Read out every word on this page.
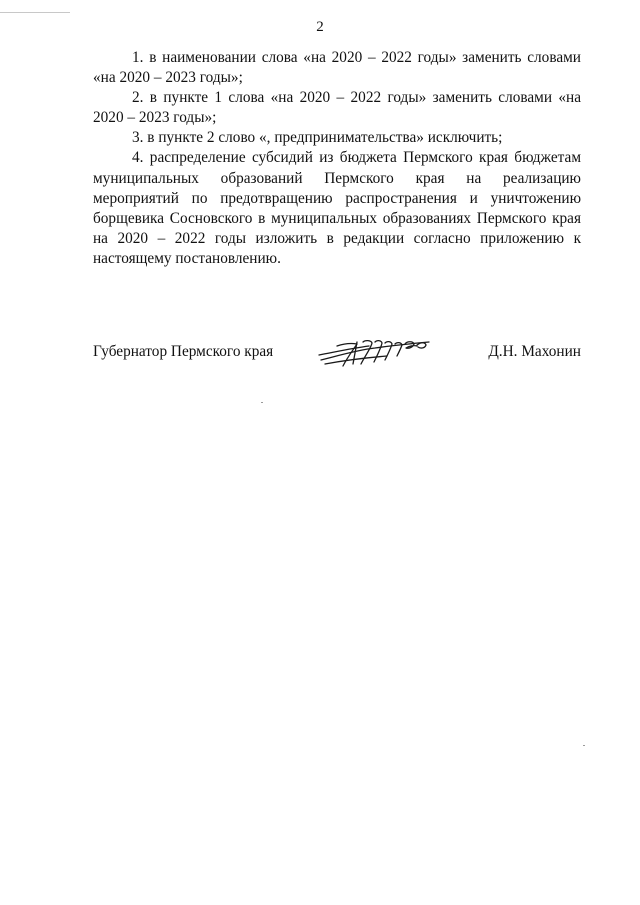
2

1. в наименовании слова «на 2020 – 2022 годы» заменить словами «на 2020 – 2023 годы»;

2. в пункте 1 слова «на 2020 – 2022 годы» заменить словами «на 2020 – 2023 годы»;

3. в пункте 2 слово «, предпринимательства» исключить;

4. распределение субсидий из бюджета Пермского края бюджетам муниципальных образований Пермского края на реализацию мероприятий по предотвращению распространения и уничтожению борщевика Сосновского в муниципальных образованиях Пермского края на 2020 – 2022 годы изложить в редакции согласно приложению к настоящему постановлению.

Губернатор Пермского края	Д.Н. Махонин
